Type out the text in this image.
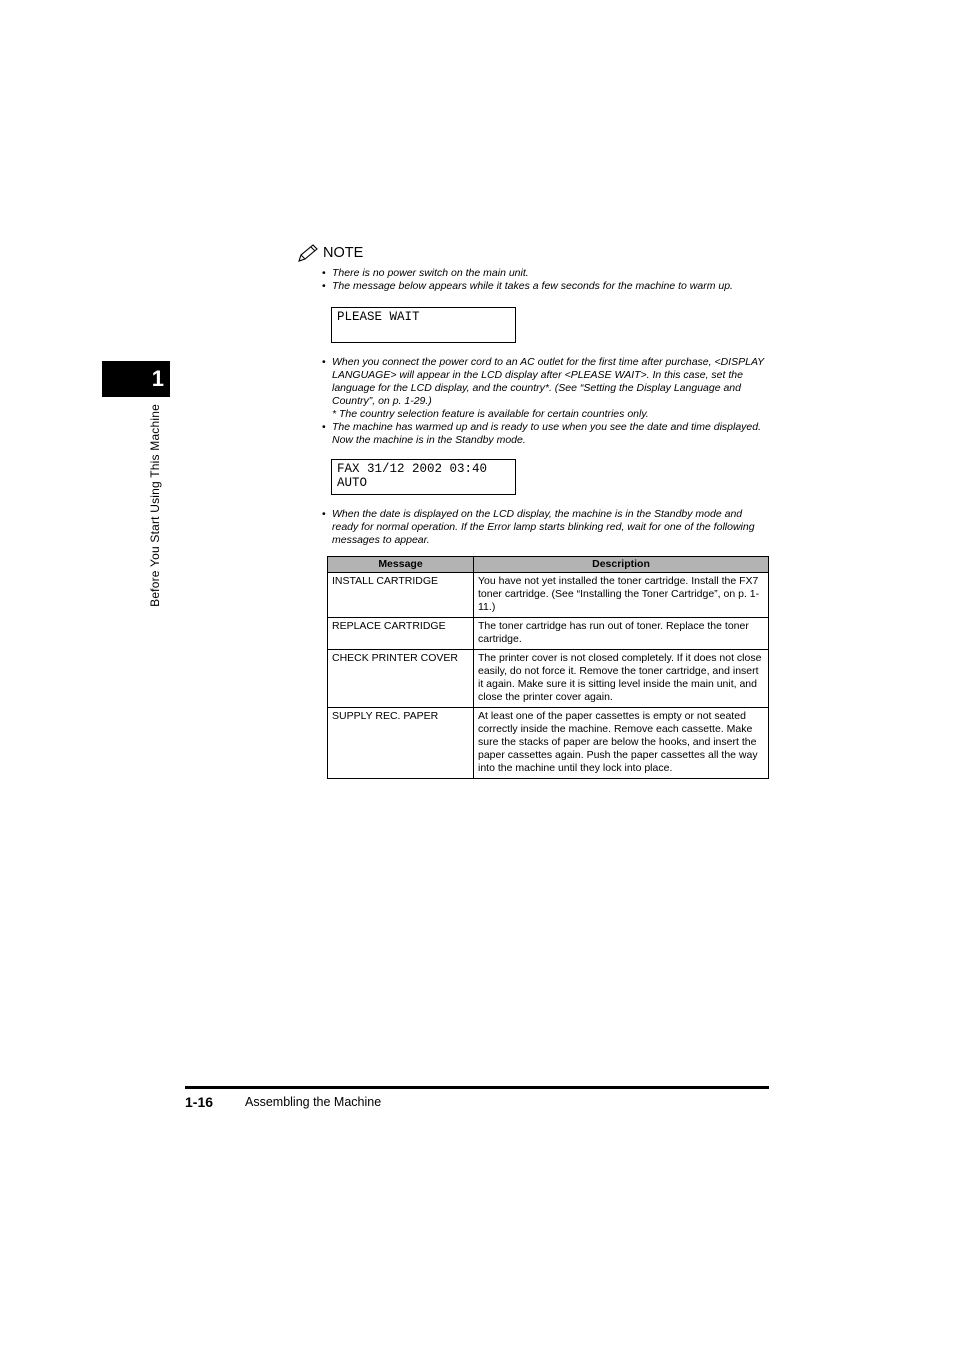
1
Before You Start Using This Machine
NOTE
• There is no power switch on the main unit.
• The message below appears while it takes a few seconds for the machine to warm up.
PLEASE WAIT
• When you connect the power cord to an AC outlet for the first time after purchase, <DISPLAY LANGUAGE> will appear in the LCD display after <PLEASE WAIT>. In this case, set the language for the LCD display, and the country*. (See “Setting the Display Language and Country”, on p. 1-29.)
* The country selection feature is available for certain countries only.
• The machine has warmed up and is ready to use when you see the date and time displayed. Now the machine is in the Standby mode.
FAX 31/12 2002 03:40
AUTO
• When the date is displayed on the LCD display, the machine is in the Standby mode and ready for normal operation. If the Error lamp starts blinking red, wait for one of the following messages to appear.
Message	Description
INSTALL CARTRIDGE	You have not yet installed the toner cartridge. Install the FX7 toner cartridge. (See “Installing the Toner Cartridge”, on p. 1-11.)
REPLACE CARTRIDGE	The toner cartridge has run out of toner. Replace the toner cartridge.
CHECK PRINTER COVER	The printer cover is not closed completely. If it does not close easily, do not force it. Remove the toner cartridge, and insert it again. Make sure it is sitting level inside the main unit, and close the printer cover again.
SUPPLY REC. PAPER	At least one of the paper cassettes is empty or not seated correctly inside the machine. Remove each cassette. Make sure the stacks of paper are below the hooks, and insert the paper cassettes again. Push the paper cassettes all the way into the machine until they lock into place.
1-16	Assembling the Machine
